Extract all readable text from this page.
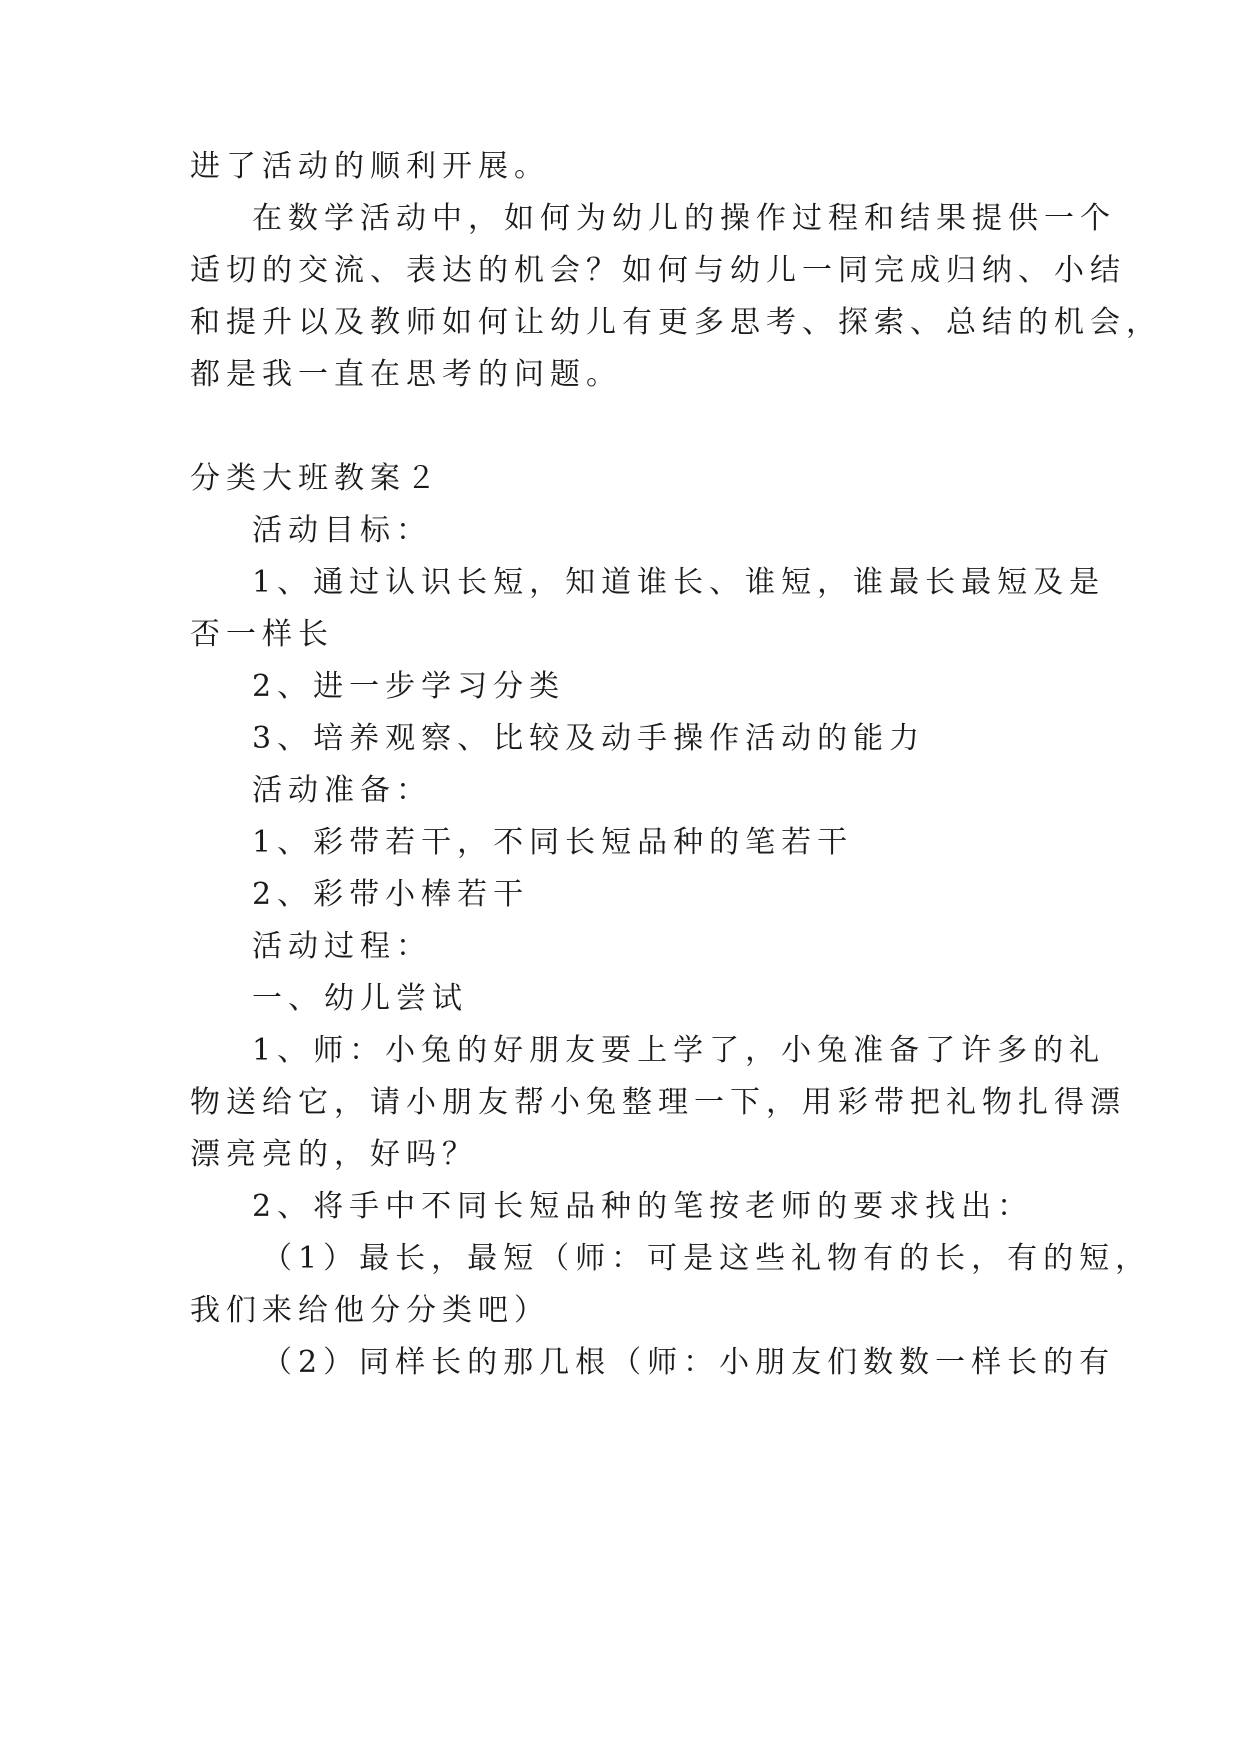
进了活动的顺利开展。
在数学活动中，如何为幼儿的操作过程和结果提供一个
适切的交流、表达的机会？如何与幼儿一同完成归纳、小结
和提升以及教师如何让幼儿有更多思考、探索、总结的机会，
都是我一直在思考的问题。
分类大班教案２
活动目标：
1、通过认识长短，知道谁长、谁短，谁最长最短及是
否一样长
2、进一步学习分类
3、培养观察、比较及动手操作活动的能力
活动准备：
1、彩带若干，不同长短品种的笔若干
2、彩带小棒若干
活动过程：
一、幼儿尝试
1、师：小兔的好朋友要上学了，小兔准备了许多的礼
物送给它，请小朋友帮小兔整理一下，用彩带把礼物扎得漂
漂亮亮的，好吗？
2、将手中不同长短品种的笔按老师的要求找出：
（1）最长，最短（师：可是这些礼物有的长，有的短，
我们来给他分分类吧）
（2）同样长的那几根（师：小朋友们数数一样长的有
